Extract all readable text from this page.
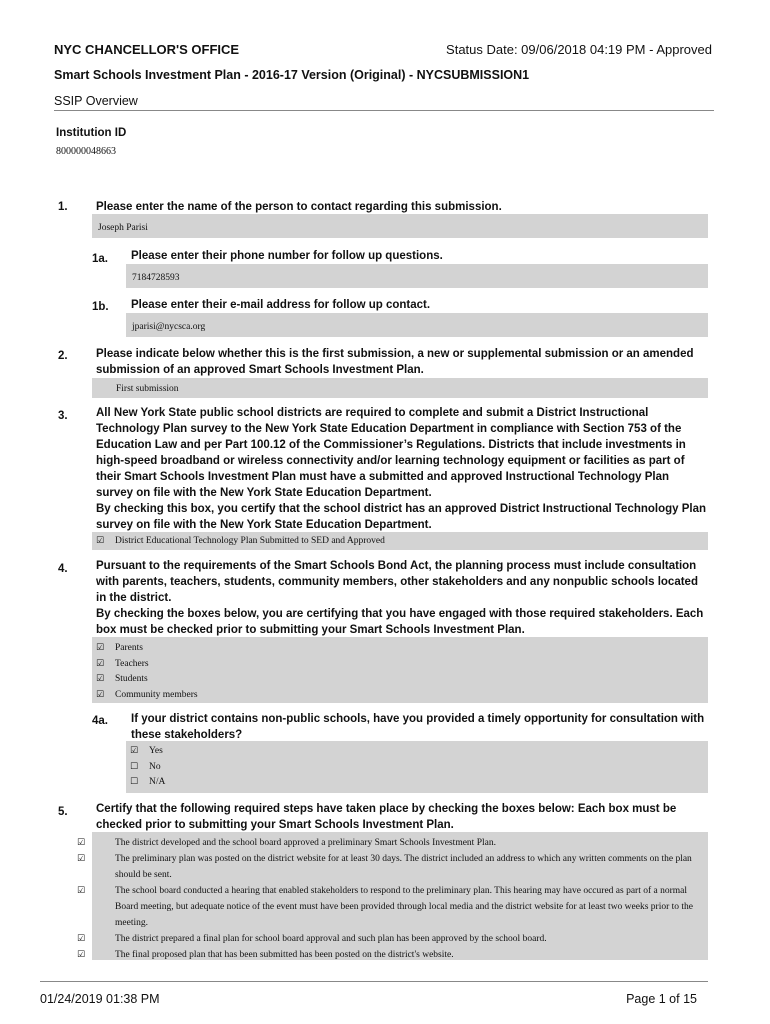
NYC CHANCELLOR'S OFFICE	Status Date: 09/06/2018 04:19 PM - Approved
Smart Schools Investment Plan - 2016-17 Version (Original) - NYCSUBMISSION1
SSIP Overview
Institution ID
800000048663
1. Please enter the name of the person to contact regarding this submission.
Joseph Parisi
1a. Please enter their phone number for follow up questions.
7184728593
1b. Please enter their e-mail address for follow up contact.
jparisi@nycsca.org
2. Please indicate below whether this is the first submission, a new or supplemental submission or an amended submission of an approved Smart Schools Investment Plan.
First submission
3. All New York State public school districts are required to complete and submit a District Instructional Technology Plan survey to the New York State Education Department in compliance with Section 753 of the Education Law and per Part 100.12 of the Commissioner’s Regulations. Districts that include investments in high-speed broadband or wireless connectivity and/or learning technology equipment or facilities as part of their Smart Schools Investment Plan must have a submitted and approved Instructional Technology Plan survey on file with the New York State Education Department.
By checking this box, you certify that the school district has an approved District Instructional Technology Plan survey on file with the New York State Education Department.
☑ District Educational Technology Plan Submitted to SED and Approved
4. Pursuant to the requirements of the Smart Schools Bond Act, the planning process must include consultation with parents, teachers, students, community members, other stakeholders and any nonpublic schools located in the district.
By checking the boxes below, you are certifying that you have engaged with those required stakeholders. Each box must be checked prior to submitting your Smart Schools Investment Plan.
☑ Parents
☑ Teachers
☑ Students
☑ Community members
4a. If your district contains non-public schools, have you provided a timely opportunity for consultation with these stakeholders?
☑ Yes
☐ No
☐ N/A
5. Certify that the following required steps have taken place by checking the boxes below: Each box must be checked prior to submitting your Smart Schools Investment Plan.
☑	The district developed and the school board approved a preliminary Smart Schools Investment Plan.
☑	The preliminary plan was posted on the district website for at least 30 days. The district included an address to which any written comments on the plan should be sent.
☑	The school board conducted a hearing that enabled stakeholders to respond to the preliminary plan. This hearing may have occured as part of a normal Board meeting, but adequate notice of the event must have been provided through local media and the district website for at least two weeks prior to the meeting.
☑	The district prepared a final plan for school board approval and such plan has been approved by the school board.
☑	The final proposed plan that has been submitted has been posted on the district's website.
01/24/2019 01:38 PM	Page 1 of 15
